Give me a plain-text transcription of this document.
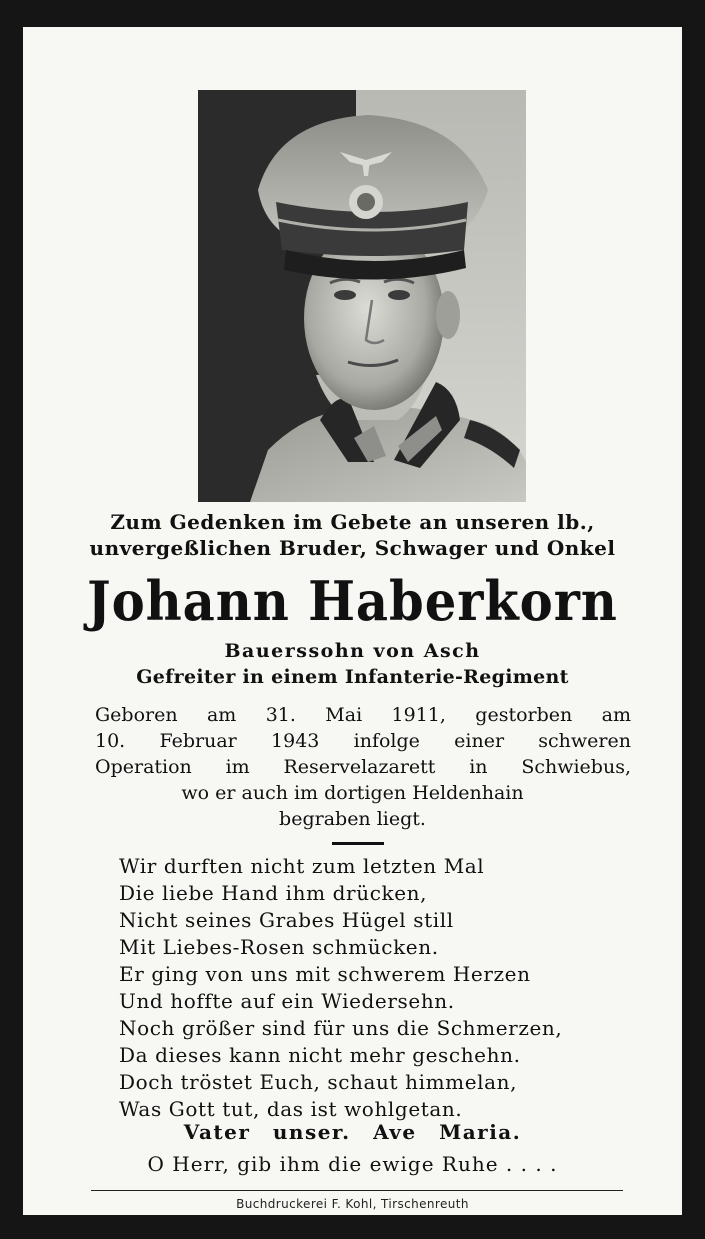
Zum Gedenken im Gebete an unseren lb.,
unvergeßlichen Bruder, Schwager und Onkel
Johann Haberkorn
Bauerssohn von Asch
Gefreiter in einem Infanterie-Regiment
Geboren am 31. Mai 1911, gestorben am
10. Februar 1943 infolge einer schweren
Operation im Reservelazarett in Schwiebus,
wo er auch im dortigen Heldenhain
begraben liegt.
Wir durften nicht zum letzten Mal
Die liebe Hand ihm drücken,
Nicht seines Grabes Hügel still
Mit Liebes-Rosen schmücken.
Er ging von uns mit schwerem Herzen
Und hoffte auf ein Wiedersehn.
Noch größer sind für uns die Schmerzen,
Da dieses kann nicht mehr geschehn.
Doch tröstet Euch, schaut himmelan,
Was Gott tut, das ist wohlgetan.
Vater unser. Ave Maria.
O Herr, gib ihm die ewige Ruhe . . . .
Buchdruckerei F. Kohl, Tirschenreuth
